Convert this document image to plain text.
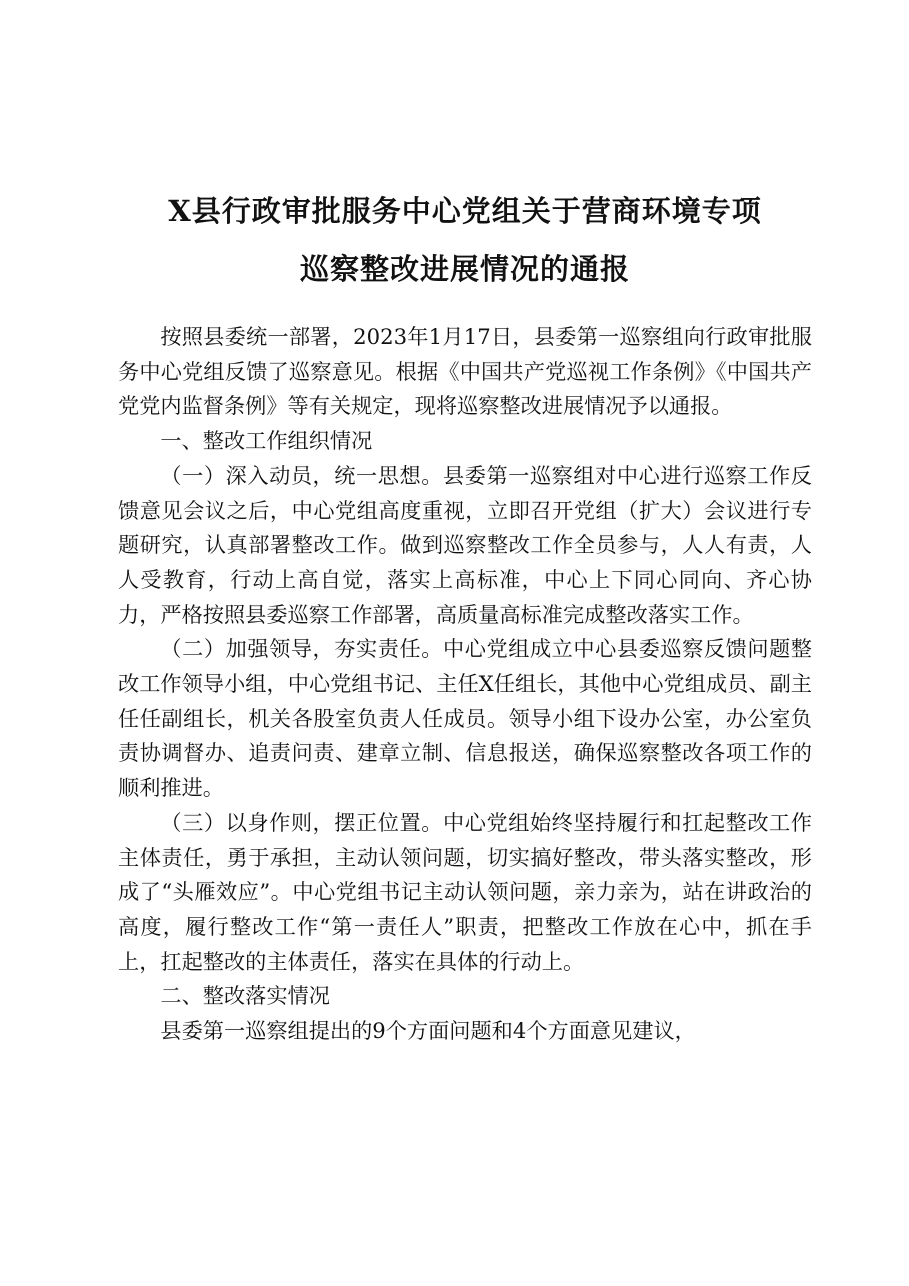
X县行政审批服务中心党组关于营商环境专项
巡察整改进展情况的通报

按照县委统一部署，2023年1月17日，县委第一巡察组向行政审批服务中心党组反馈了巡察意见。根据《中国共产党巡视工作条例》《中国共产党党内监督条例》等有关规定，现将巡察整改进展情况予以通报。

一、整改工作组织情况

（一）深入动员，统一思想。县委第一巡察组对中心进行巡察工作反馈意见会议之后，中心党组高度重视，立即召开党组（扩大）会议进行专题研究，认真部署整改工作。做到巡察整改工作全员参与，人人有责，人人受教育，行动上高自觉，落实上高标准，中心上下同心同向、齐心协力，严格按照县委巡察工作部署，高质量高标准完成整改落实工作。

（二）加强领导，夯实责任。中心党组成立中心县委巡察反馈问题整改工作领导小组，中心党组书记、主任X任组长，其他中心党组成员、副主任任副组长，机关各股室负责人任成员。领导小组下设办公室，办公室负责协调督办、追责问责、建章立制、信息报送，确保巡察整改各项工作的顺利推进。

（三）以身作则，摆正位置。中心党组始终坚持履行和扛起整改工作主体责任，勇于承担，主动认领问题，切实搞好整改，带头落实整改，形成了“头雁效应”。中心党组书记主动认领问题，亲力亲为，站在讲政治的高度，履行整改工作“第一责任人”职责，把整改工作放在心中，抓在手上，扛起整改的主体责任，落实在具体的行动上。

二、整改落实情况

县委第一巡察组提出的9个方面问题和4个方面意见建议，
